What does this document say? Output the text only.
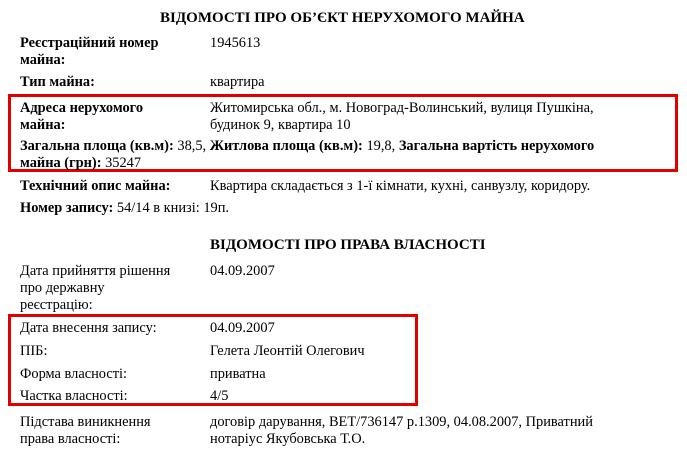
ВІДОМОСТІ ПРО ОБ’ЄКТ НЕРУХОМОГО МАЙНА
Реєстраційний номер
майна:
1945613
Тип майна:	квартира
Адреса нерухомого
майна:
Житомирська обл., м. Новоград-Волинський, вулиця Пушкіна,
будинок 9, квартира 10
Загальна площа (кв.м): 38,5, Житлова площа (кв.м): 19,8, Загальна вартість нерухомого
майна (грн): 35247
Технічний опис майна:	Квартира складається з 1-ї кімнати, кухні, санвузлу, коридору.
Номер запису: 54/14 в книзі: 19п.
ВІДОМОСТІ ПРО ПРАВА ВЛАСНОСТІ
Дата прийняття рішення
про державну
реєстрацію:
04.09.2007
Дата внесення запису:	04.09.2007
ПІБ:	Гелета Леонтій Олегович
Форма власності:	приватна
Частка власності:	4/5
Підстава виникнення
права власності:
договір дарування, ВЕТ/736147 р.1309, 04.08.2007, Приватний
нотаріус Якубовська Т.О.
